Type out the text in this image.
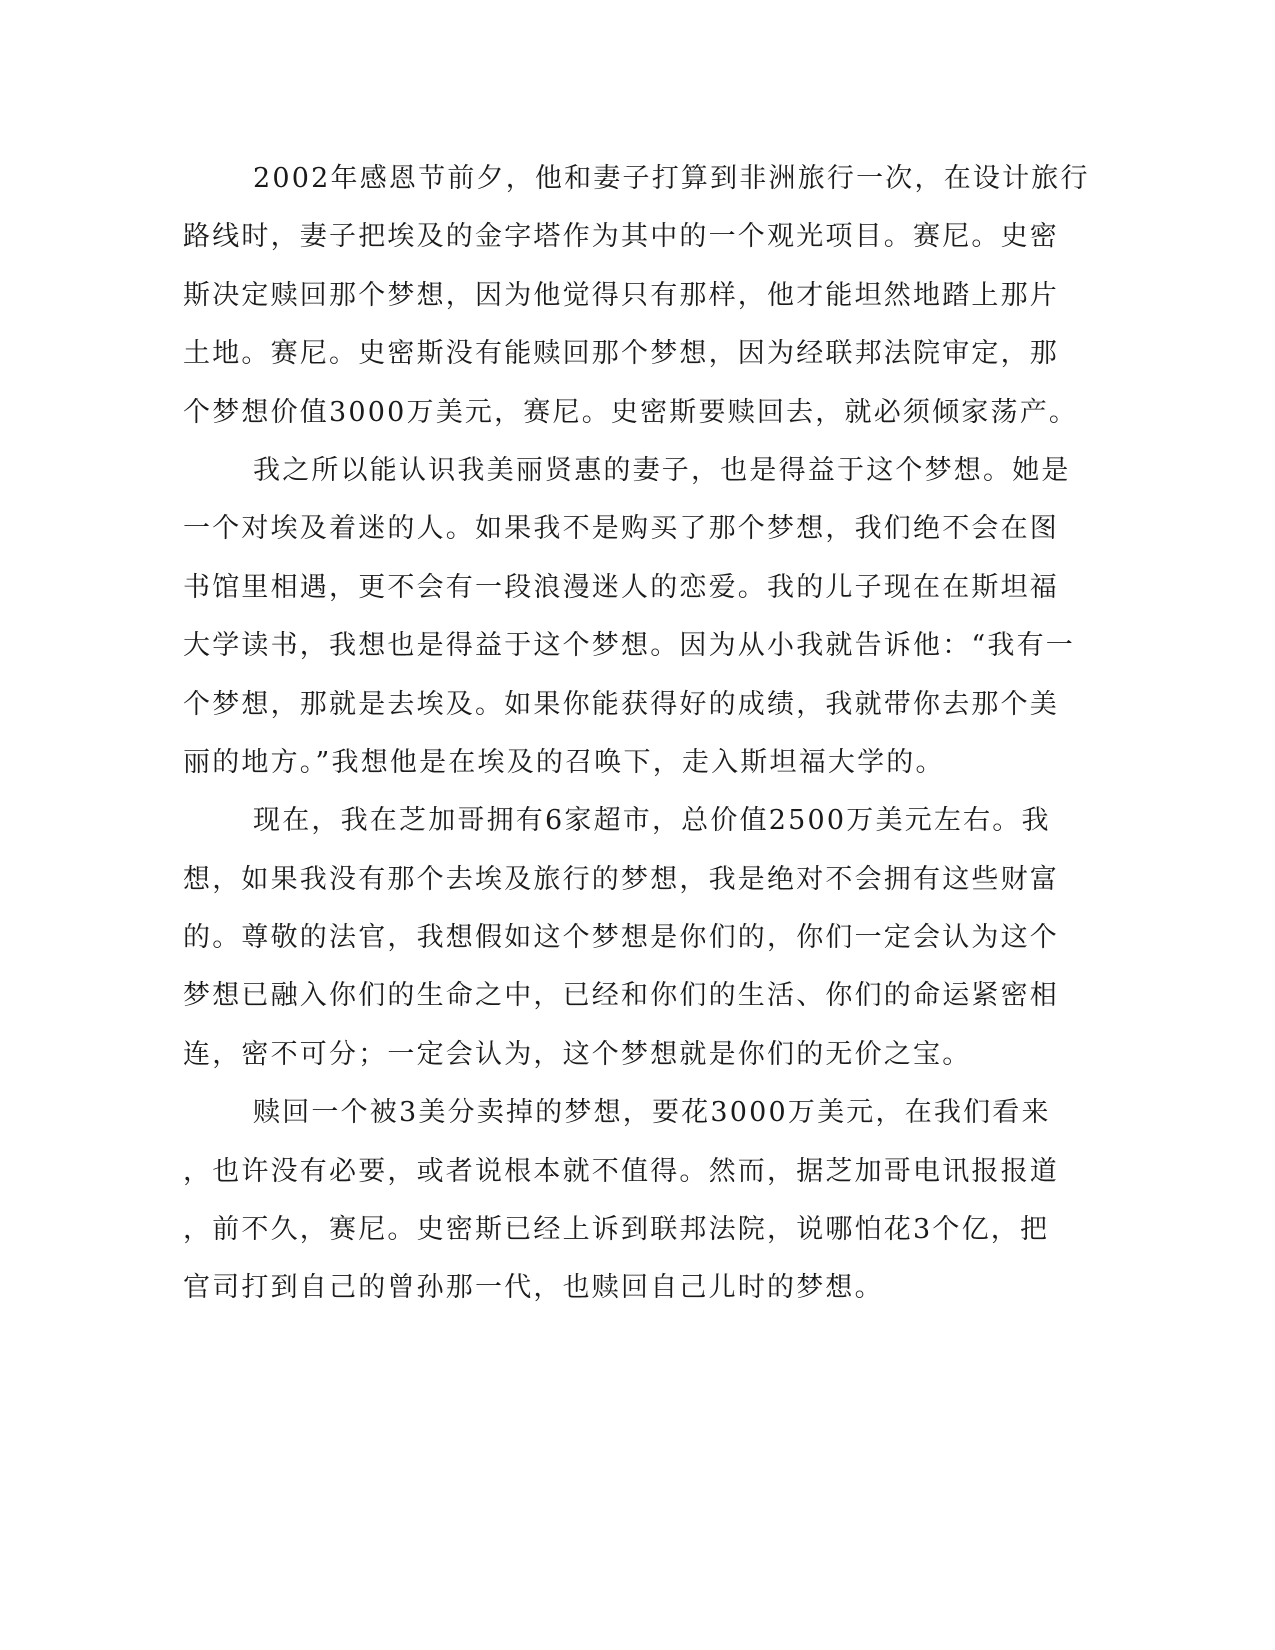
2002年感恩节前夕，他和妻子打算到非洲旅行一次，在设计旅行
路线时，妻子把埃及的金字塔作为其中的一个观光项目。赛尼。史密
斯决定赎回那个梦想，因为他觉得只有那样，他才能坦然地踏上那片
土地。赛尼。史密斯没有能赎回那个梦想，因为经联邦法院审定，那
个梦想价值3000万美元，赛尼。史密斯要赎回去，就必须倾家荡产。
我之所以能认识我美丽贤惠的妻子，也是得益于这个梦想。她是
一个对埃及着迷的人。如果我不是购买了那个梦想，我们绝不会在图
书馆里相遇，更不会有一段浪漫迷人的恋爱。我的儿子现在在斯坦福
大学读书，我想也是得益于这个梦想。因为从小我就告诉他：“我有一
个梦想，那就是去埃及。如果你能获得好的成绩，我就带你去那个美
丽的地方。”我想他是在埃及的召唤下，走入斯坦福大学的。
现在，我在芝加哥拥有6家超市，总价值2500万美元左右。我
想，如果我没有那个去埃及旅行的梦想，我是绝对不会拥有这些财富
的。尊敬的法官，我想假如这个梦想是你们的，你们一定会认为这个
梦想已融入你们的生命之中，已经和你们的生活、你们的命运紧密相
连，密不可分；一定会认为，这个梦想就是你们的无价之宝。
赎回一个被3美分卖掉的梦想，要花3000万美元，在我们看来
，也许没有必要，或者说根本就不值得。然而，据芝加哥电讯报报道
，前不久，赛尼。史密斯已经上诉到联邦法院，说哪怕花3个亿，把
官司打到自己的曾孙那一代，也赎回自己儿时的梦想。
